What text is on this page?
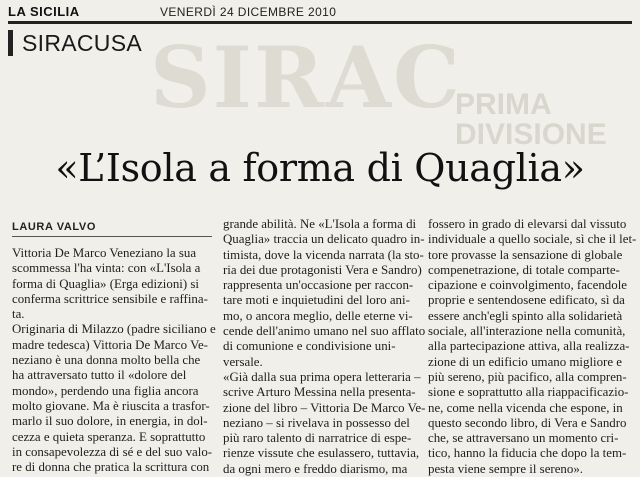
SIRAC
PRIMA
DIVISIONE
LA SICILIA	VENERDÌ 24 DICEMBRE 2010
SIRACUSA
«L’Isola a forma di Quaglia»
LAURA VALVO
Vittoria De Marco Veneziano la sua
scommessa l'ha vinta: con «L'Isola a
forma di Quaglia» (Erga edizioni) si
conferma scrittrice sensibile e raffina-
ta.
Originaria di Milazzo (padre siciliano e
madre tedesca) Vittoria De Marco Ve-
neziano è una donna molto bella che
ha attraversato tutto il «dolore del
mondo», perdendo una figlia ancora
molto giovane. Ma è riuscita a trasfor-
marlo il suo dolore, in energia, in dol-
cezza e quieta speranza. E soprattutto
in consapevolezza di sé e del suo valo-
re di donna che pratica la scrittura con
grande abilità. Ne «L'Isola a forma di
Quaglia» traccia un delicato quadro in-
timista, dove la vicenda narrata (la sto-
ria dei due protagonisti Vera e Sandro)
rappresenta un'occasione per raccon-
tare moti e inquietudini del loro ani-
mo, o ancora meglio, delle eterne vi-
cende dell'animo umano nel suo afflato
di comunione e condivisione uni-
versale.
«Già dalla sua prima opera letteraria –
scrive Arturo Messina nella presenta-
zione del libro – Vittoria De Marco Ve-
neziano – si rivelava in possesso del
più raro talento di narratrice di espe-
rienze vissute che esulassero, tuttavia,
da ogni mero e freddo diarismo, ma
fossero in grado di elevarsi dal vissuto
individuale a quello sociale, sì che il let-
tore provasse la sensazione di globale
compenetrazione, di totale comparte-
cipazione e coinvolgimento, facendole
proprie e sentendosene edificato, sì da
essere anch'egli spinto alla solidarietà
sociale, all'interazione nella comunità,
alla partecipazione attiva, alla realizza-
zione di un edificio umano migliore e
più sereno, più pacifico, alla compren-
sione e soprattutto alla riappacificazio-
ne, come nella vicenda che espone, in
questo secondo libro, di Vera e Sandro
che, se attraversano un momento cri-
tico, hanno la fiducia che dopo la tem-
pesta viene sempre il sereno».
